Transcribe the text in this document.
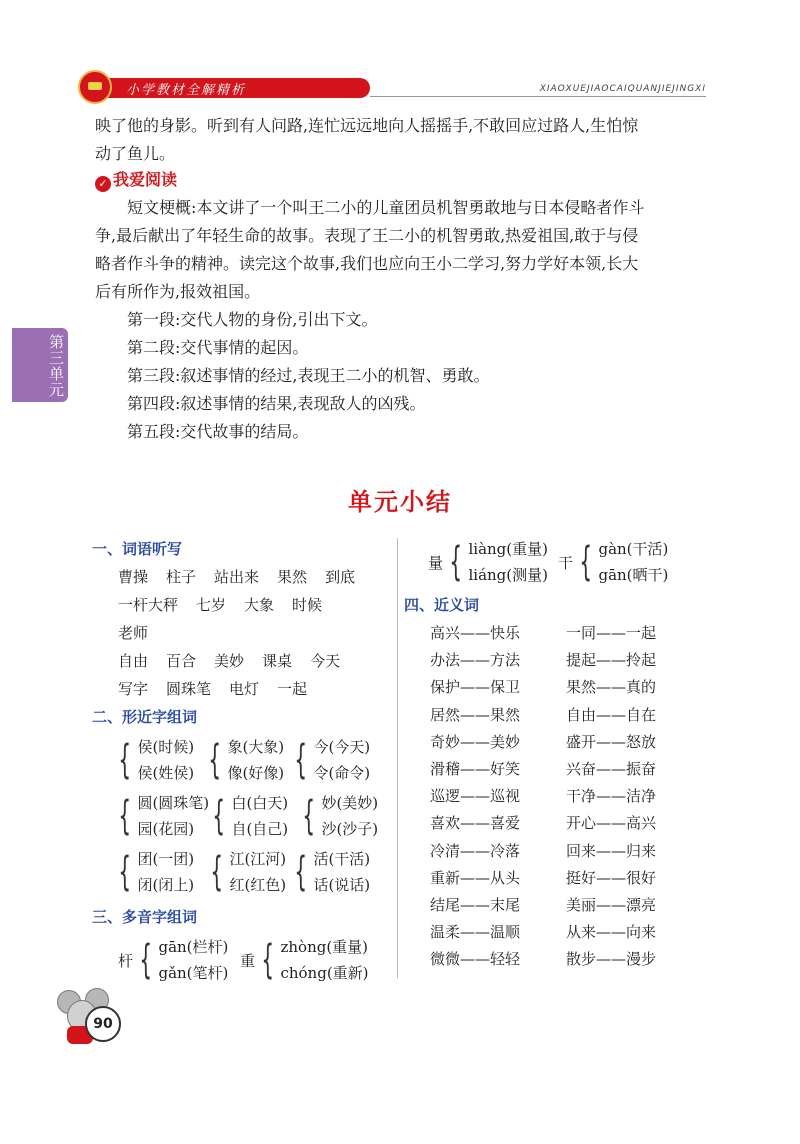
小学教材全解精析	XIAOXUEJIAOCAIQUANJIEJINGXI
第三单元

映了他的身影。听到有人问路,连忙远远地向人摇摇手,不敢回应过路人,生怕惊

动了鱼儿。

✓ 我爱阅读

短文梗概:本文讲了一个叫王二小的儿童团员机智勇敢地与日本侵略者作斗

争,最后献出了年轻生命的故事。表现了王二小的机智勇敢,热爱祖国,敢于与侵

略者作斗争的精神。读完这个故事,我们也应向王小二学习,努力学好本领,长大

后有所作为,报效祖国。

第一段:交代人物的身份,引出下文。

第二段:交代事情的起因。

第三段:叙述事情的经过,表现王二小的机智、勇敢。

第四段:叙述事情的结果,表现敌人的凶残。

第五段:交代故事的结局。

单元小结
一、词语听写
曹操 柱子 站出来 果然 到底
一杆大秤 七岁 大象 时候
老师
自由 百合 美妙 课桌 今天
写字 圆珠笔 电灯 一起
二、形近字组词
{ 侯(时候)
侯(姓侯) { 象(大象)
像(好像) { 今(今天)
令(命令)
{ 圆(圆珠笔)
园(花园) { 白(白天)
自(自己) { 妙(美妙)
沙(沙子)
{ 团(一团)
闭(闭上) { 江(江河)
红(红色) { 活(干活)
话(说话)
三、多音字组词
杆 { gān(栏杆)
gǎn(笔杆)
重 { zhòng(重量)
chóng(重新)
量 { liàng(重量)
liáng(测量)
干 { gàn(干活)
gān(晒干)
四、近义词
高兴——快乐
办法——方法
保护——保卫
居然——果然
奇妙——美妙
滑稽——好笑
巡逻——巡视
喜欢——喜爱
冷清——冷落
重新——从头
结尾——末尾
温柔——温顺
微微——轻轻
一同——一起
提起——拎起
果然——真的
自由——自在
盛开——怒放
兴奋——振奋
干净——洁净
开心——高兴
回来——归来
挺好——很好
美丽——漂亮
从来——向来
散步——漫步
90
